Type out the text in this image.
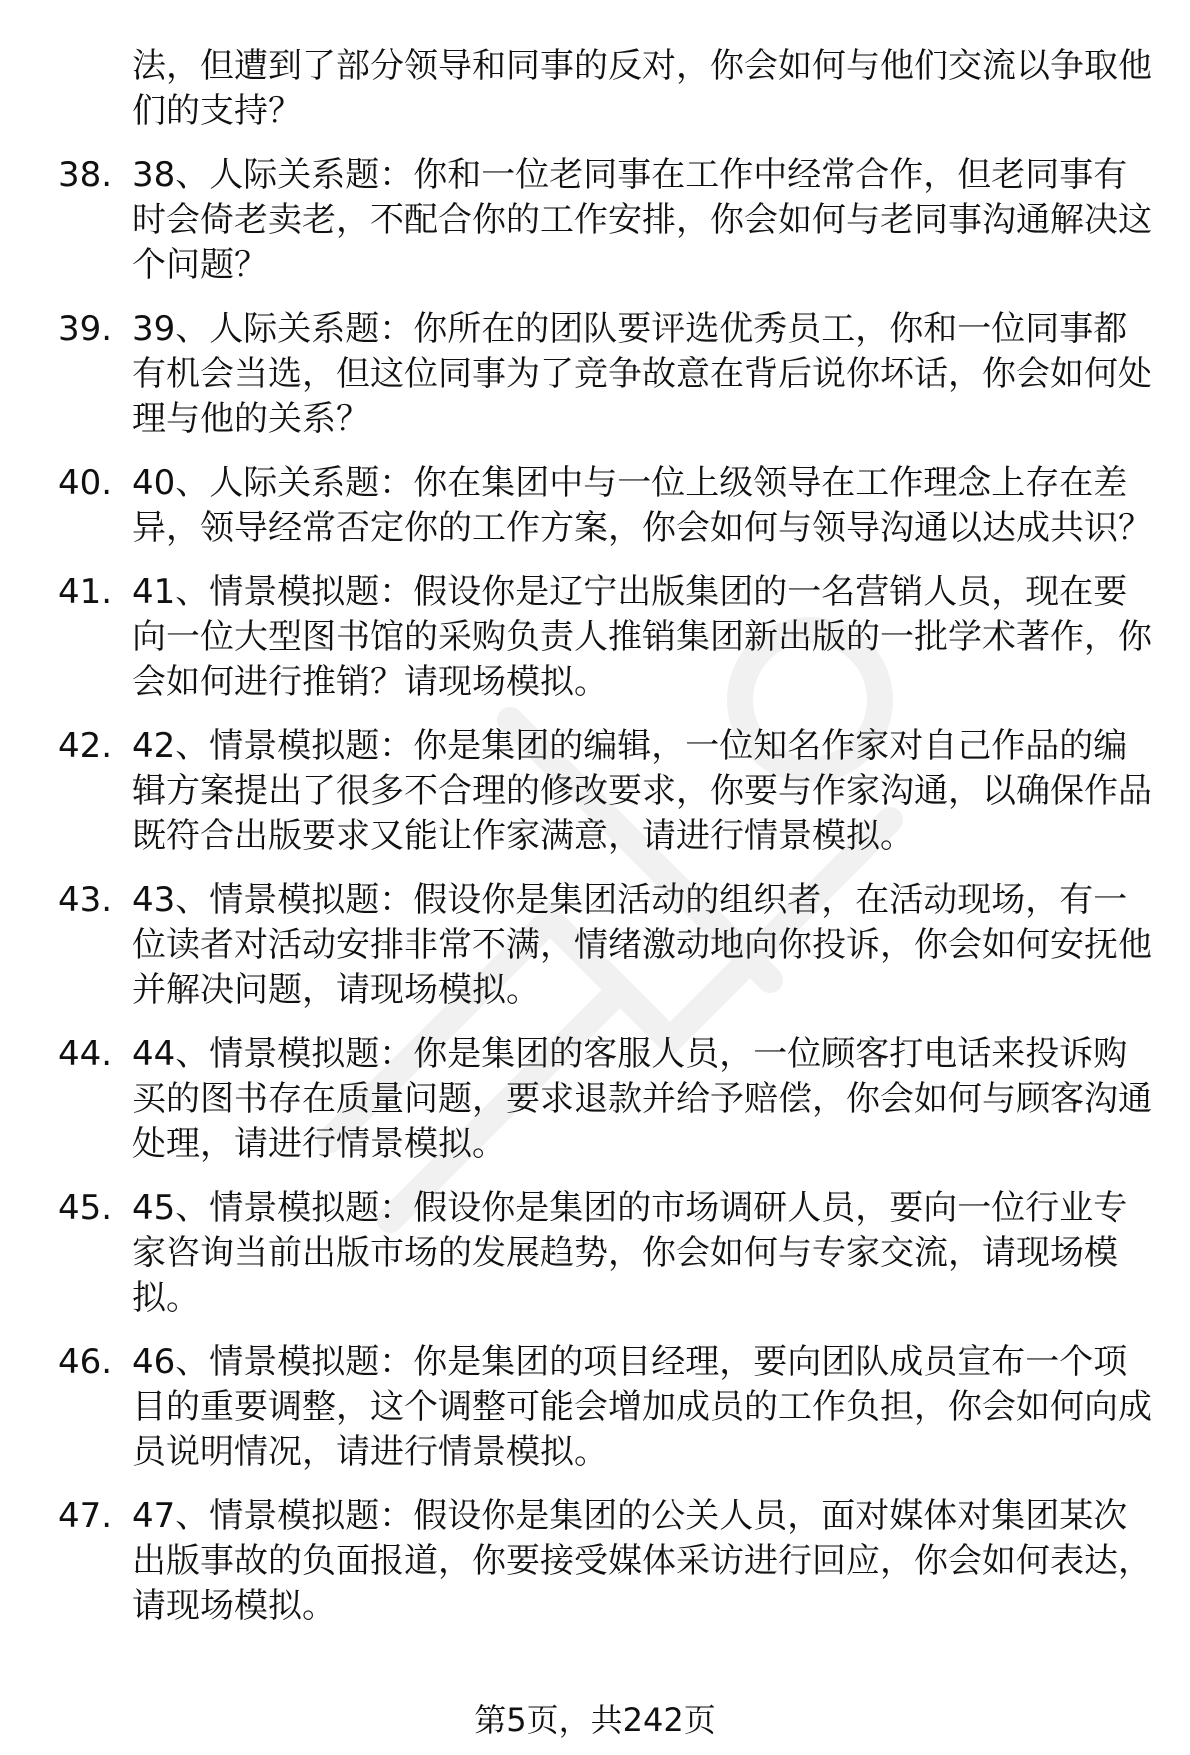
法，但遭到了部分领导和同事的反对，你会如何与他们交流以争取他们的支持？
38. 38、人际关系题：你和一位老同事在工作中经常合作，但老同事有时会倚老卖老，不配合你的工作安排，你会如何与老同事沟通解决这个问题？
39. 39、人际关系题：你所在的团队要评选优秀员工，你和一位同事都有机会当选，但这位同事为了竞争故意在背后说你坏话，你会如何处理与他的关系？
40. 40、人际关系题：你在集团中与一位上级领导在工作理念上存在差异，领导经常否定你的工作方案，你会如何与领导沟通以达成共识？
41. 41、情景模拟题：假设你是辽宁出版集团的一名营销人员，现在要向一位大型图书馆的采购负责人推销集团新出版的一批学术著作，你会如何进行推销？请现场模拟。
42. 42、情景模拟题：你是集团的编辑，一位知名作家对自己作品的编辑方案提出了很多不合理的修改要求，你要与作家沟通，以确保作品既符合出版要求又能让作家满意，请进行情景模拟。
43. 43、情景模拟题：假设你是集团活动的组织者，在活动现场，有一位读者对活动安排非常不满，情绪激动地向你投诉，你会如何安抚他并解决问题，请现场模拟。
44. 44、情景模拟题：你是集团的客服人员，一位顾客打电话来投诉购买的图书存在质量问题，要求退款并给予赔偿，你会如何与顾客沟通处理，请进行情景模拟。
45. 45、情景模拟题：假设你是集团的市场调研人员，要向一位行业专家咨询当前出版市场的发展趋势，你会如何与专家交流，请现场模拟。
46. 46、情景模拟题：你是集团的项目经理，要向团队成员宣布一个项目的重要调整，这个调整可能会增加成员的工作负担，你会如何向成员说明情况，请进行情景模拟。
47. 47、情景模拟题：假设你是集团的公关人员，面对媒体对集团某次出版事故的负面报道，你要接受媒体采访进行回应，你会如何表达，请现场模拟。
第5页，共242页
